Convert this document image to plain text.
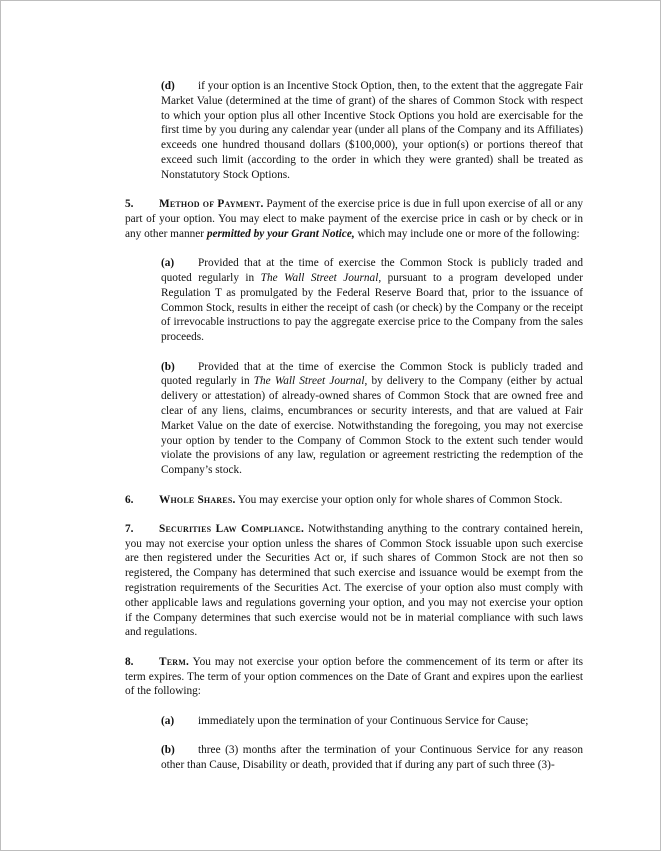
(d) if your option is an Incentive Stock Option, then, to the extent that the aggregate Fair Market Value (determined at the time of grant) of the shares of Common Stock with respect to which your option plus all other Incentive Stock Options you hold are exercisable for the first time by you during any calendar year (under all plans of the Company and its Affiliates) exceeds one hundred thousand dollars ($100,000), your option(s) or portions thereof that exceed such limit (according to the order in which they were granted) shall be treated as Nonstatutory Stock Options.

5. Method of Payment. Payment of the exercise price is due in full upon exercise of all or any part of your option. You may elect to make payment of the exercise price in cash or by check or in any other manner permitted by your Grant Notice, which may include one or more of the following:

(a) Provided that at the time of exercise the Common Stock is publicly traded and quoted regularly in The Wall Street Journal, pursuant to a program developed under Regulation T as promulgated by the Federal Reserve Board that, prior to the issuance of Common Stock, results in either the receipt of cash (or check) by the Company or the receipt of irrevocable instructions to pay the aggregate exercise price to the Company from the sales proceeds.

(b) Provided that at the time of exercise the Common Stock is publicly traded and quoted regularly in The Wall Street Journal, by delivery to the Company (either by actual delivery or attestation) of already-owned shares of Common Stock that are owned free and clear of any liens, claims, encumbrances or security interests, and that are valued at Fair Market Value on the date of exercise. Notwithstanding the foregoing, you may not exercise your option by tender to the Company of Common Stock to the extent such tender would violate the provisions of any law, regulation or agreement restricting the redemption of the Company’s stock.

6. Whole Shares. You may exercise your option only for whole shares of Common Stock.

7. Securities Law Compliance. Notwithstanding anything to the contrary contained herein, you may not exercise your option unless the shares of Common Stock issuable upon such exercise are then registered under the Securities Act or, if such shares of Common Stock are not then so registered, the Company has determined that such exercise and issuance would be exempt from the registration requirements of the Securities Act. The exercise of your option also must comply with other applicable laws and regulations governing your option, and you may not exercise your option if the Company determines that such exercise would not be in material compliance with such laws and regulations.

8. Term. You may not exercise your option before the commencement of its term or after its term expires. The term of your option commences on the Date of Grant and expires upon the earliest of the following:

(a) immediately upon the termination of your Continuous Service for Cause;

(b) three (3) months after the termination of your Continuous Service for any reason other than Cause, Disability or death, provided that if during any part of such three (3)-
